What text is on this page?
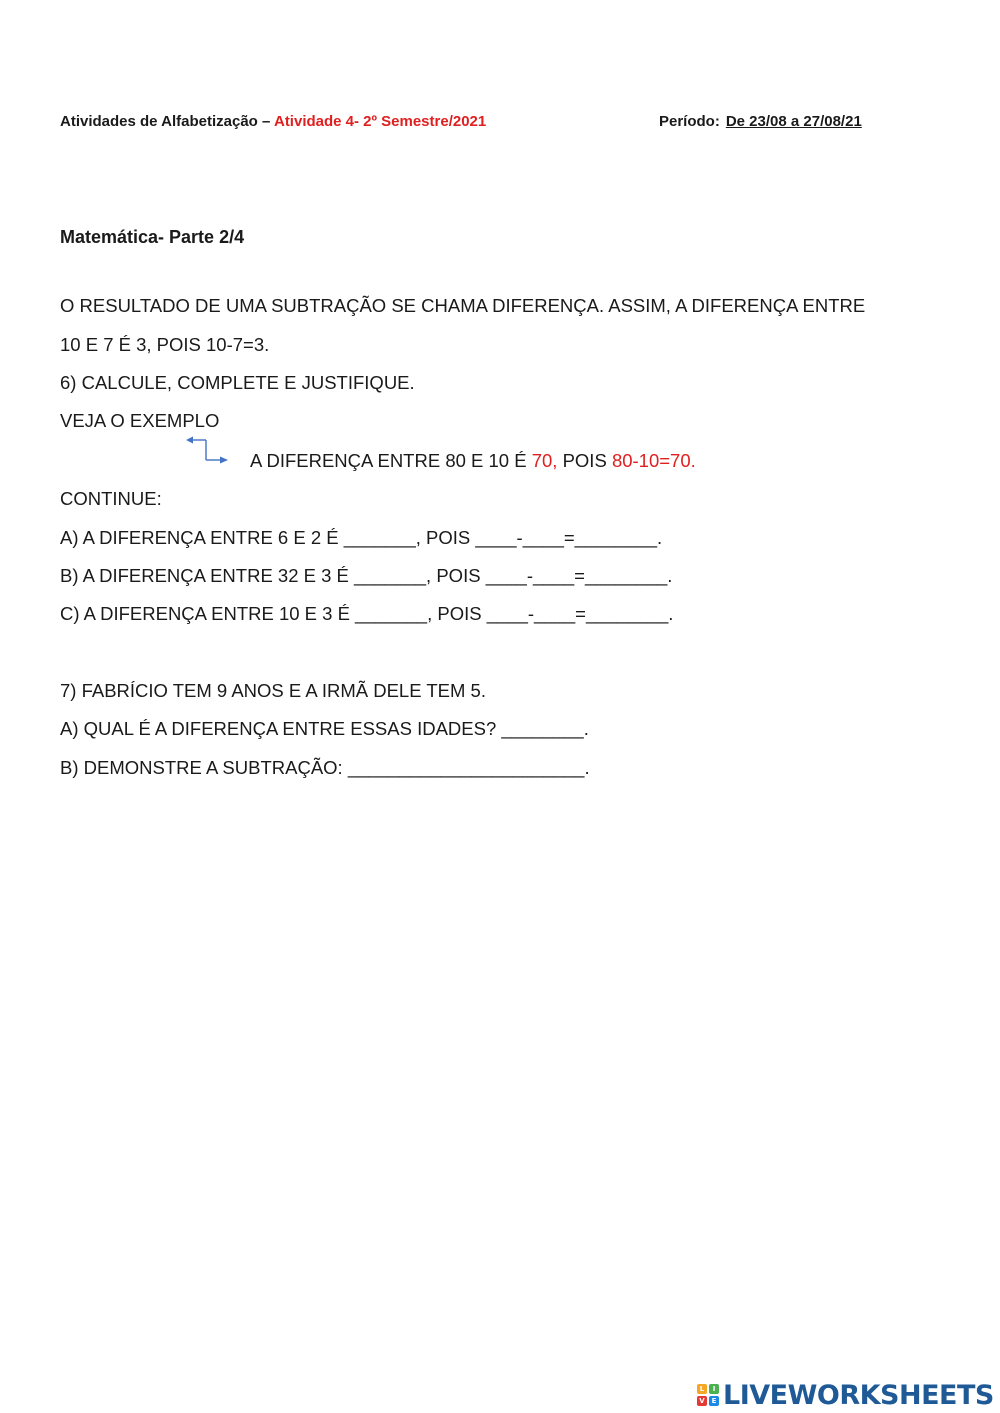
Atividades de Alfabetização – Atividade 4- 2º Semestre/2021	Período: De 23/08 a 27/08/21
Matemática- Parte 2/4
O RESULTADO DE UMA SUBTRAÇÃO SE CHAMA DIFERENÇA. ASSIM, A DIFERENÇA ENTRE
10 E 7 É 3, POIS 10-7=3.
6) CALCULE, COMPLETE E JUSTIFIQUE.
VEJA O EXEMPLO
A DIFERENÇA ENTRE 80 E 10 É 70, POIS 80-10=70.
CONTINUE:
A) A DIFERENÇA ENTRE 6 E 2 É _______, POIS ____-____=________.
B) A DIFERENÇA ENTRE 32 E 3 É _______, POIS ____-____=________.
C) A DIFERENÇA ENTRE 10 E 3 É _______, POIS ____-____=________.
7) FABRÍCIO TEM 9 ANOS E A IRMÃ DELE TEM 5.
A) QUAL É A DIFERENÇA ENTRE ESSAS IDADES? ________.
B) DEMONSTRE A SUBTRAÇÃO: _______________________.
L	I
V E LIVEWORKSHEETS
